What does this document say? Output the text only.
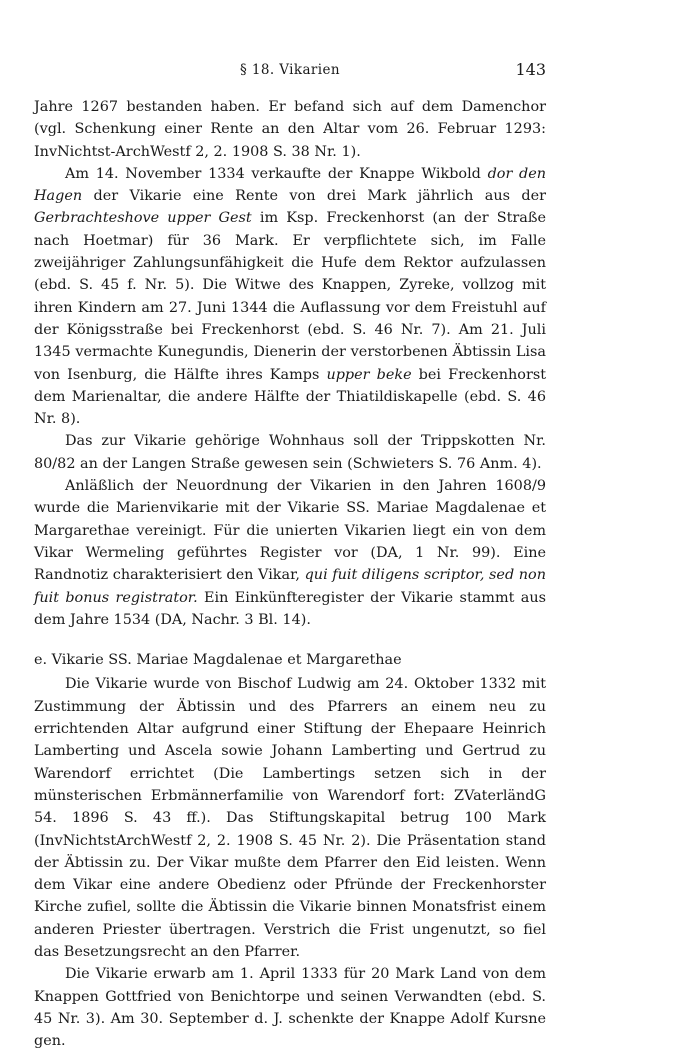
§ 18. Vikarien	143

Jahre 1267 bestanden haben. Er befand sich auf dem Damenchor (vgl. Schenkung einer Rente an den Altar vom 26. Februar 1293: InvNichtst-ArchWestf 2, 2. 1908 S. 38 Nr. 1).

Am 14. November 1334 verkaufte der Knappe Wikbold dor den Hagen der Vikarie eine Rente von drei Mark jährlich aus der Gerbrachteshove upper Gest im Ksp. Freckenhorst (an der Straße nach Hoetmar) für 36 Mark. Er verpflichtete sich, im Falle zweijähriger Zahlungsunfähigkeit die Hufe dem Rektor aufzulassen (ebd. S. 45 f. Nr. 5). Die Witwe des Knappen, Zyreke, vollzog mit ihren Kindern am 27. Juni 1344 die Auflassung vor dem Freistuhl auf der Königsstraße bei Freckenhorst (ebd. S. 46 Nr. 7). Am 21. Juli 1345 vermachte Kunegundis, Dienerin der verstorbenen Äbtissin Lisa von Isenburg, die Hälfte ihres Kamps upper beke bei Freckenhorst dem Marienaltar, die andere Hälfte der Thiatildiskapelle (ebd. S. 46 Nr. 8).

Das zur Vikarie gehörige Wohnhaus soll der Trippskotten Nr. 80/82 an der Langen Straße gewesen sein (Schwieters S. 76 Anm. 4).

Anläßlich der Neuordnung der Vikarien in den Jahren 1608/9 wurde die Marienvikarie mit der Vikarie SS. Mariae Magdalenae et Margarethae vereinigt. Für die unierten Vikarien liegt ein von dem Vikar Wermeling geführtes Register vor (DA, 1 Nr. 99). Eine Randnotiz charakterisiert den Vikar, qui fuit diligens scriptor, sed non fuit bonus registrator. Ein Einkünfteregister der Vikarie stammt aus dem Jahre 1534 (DA, Nachr. 3 Bl. 14).

e. Vikarie SS. Mariae Magdalenae et Margarethae

Die Vikarie wurde von Bischof Ludwig am 24. Oktober 1332 mit Zustimmung der Äbtissin und des Pfarrers an einem neu zu errichtenden Altar aufgrund einer Stiftung der Ehepaare Heinrich Lamberting und Ascela sowie Johann Lamberting und Gertrud zu Warendorf errichtet (Die Lambertings setzen sich in der münsterischen Erbmännerfamilie von Warendorf fort: ZVaterländG 54. 1896 S. 43 ff.). Das Stiftungskapital betrug 100 Mark (InvNichtstArchWestf 2, 2. 1908 S. 45 Nr. 2). Die Präsentation stand der Äbtissin zu. Der Vikar mußte dem Pfarrer den Eid leisten. Wenn dem Vikar eine andere Obedienz oder Pfründe der Freckenhorster Kirche zufiel, sollte die Äbtissin die Vikarie binnen Monatsfrist einem anderen Priester übertragen. Verstrich die Frist ungenutzt, so fiel das Besetzungsrecht an den Pfarrer.

Die Vikarie erwarb am 1. April 1333 für 20 Mark Land von dem Knappen Gottfried von Benichtorpe und seinen Verwandten (ebd. S. 45 Nr. 3). Am 30. September d. J. schenkte der Knappe Adolf Kursne gen.
